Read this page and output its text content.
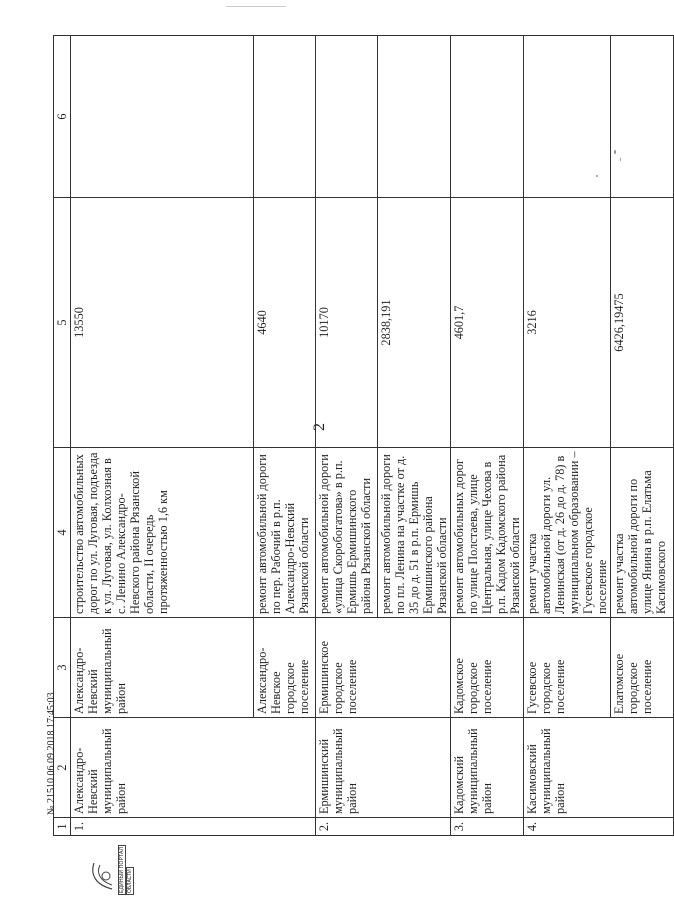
2
1	2	3	4	5	6
1.	Александро-Невский муниципальный район	Александро-Невский муниципальный район	строительство автомобильных дорог по ул. Луговая, подъезда к ул. Луговая, ул. Колхозная в с. Ленино Александро-Невского района Рязанской области, II очередь протяженностью 1,6 км	13550	
		Александро-Невское городское поселение	ремонт автомобильной дороги по пер. Рабочий в р.п. Александро-Невский Рязанской области	4640	
2.	Ермишинский муниципальный район	Ермишинское городское поселение	ремонт автомобильной дороги «улица Скоробогатова» в р.п. Ермишь Ермишинского района Рязанской области	10170	
			ремонт автомобильной дороги по пл. Ленина на участке от д. 35 до д. 51 в р.п. Ермишь Ермишинского района Рязанской области	2838,191	
3.	Кадомский муниципальный район	Кадомское городское поселение	ремонт автомобильных дорог по улице Полстаева, улице Центральная, улице Чехова в р.п. Кадом Кадомского района Рязанской области	4601,7	
4.	Касимовский муниципальный район	Гусевское городское поселение	ремонт участка автомобильной дороги ул. Ленинская (от д. 26 до д. 78) в муниципальном образовании – Гусевское городское поселение	3216	
		Елатомское городское поселение	ремонт участка автомобильной дороги по улице Янина в р.п. Елатьма Касимовского	6426,19475	
ЕДИНЫЙ ПОРТАЛ ОБЛАСТИ
№ 21510 06.09.2018 17:45:03
